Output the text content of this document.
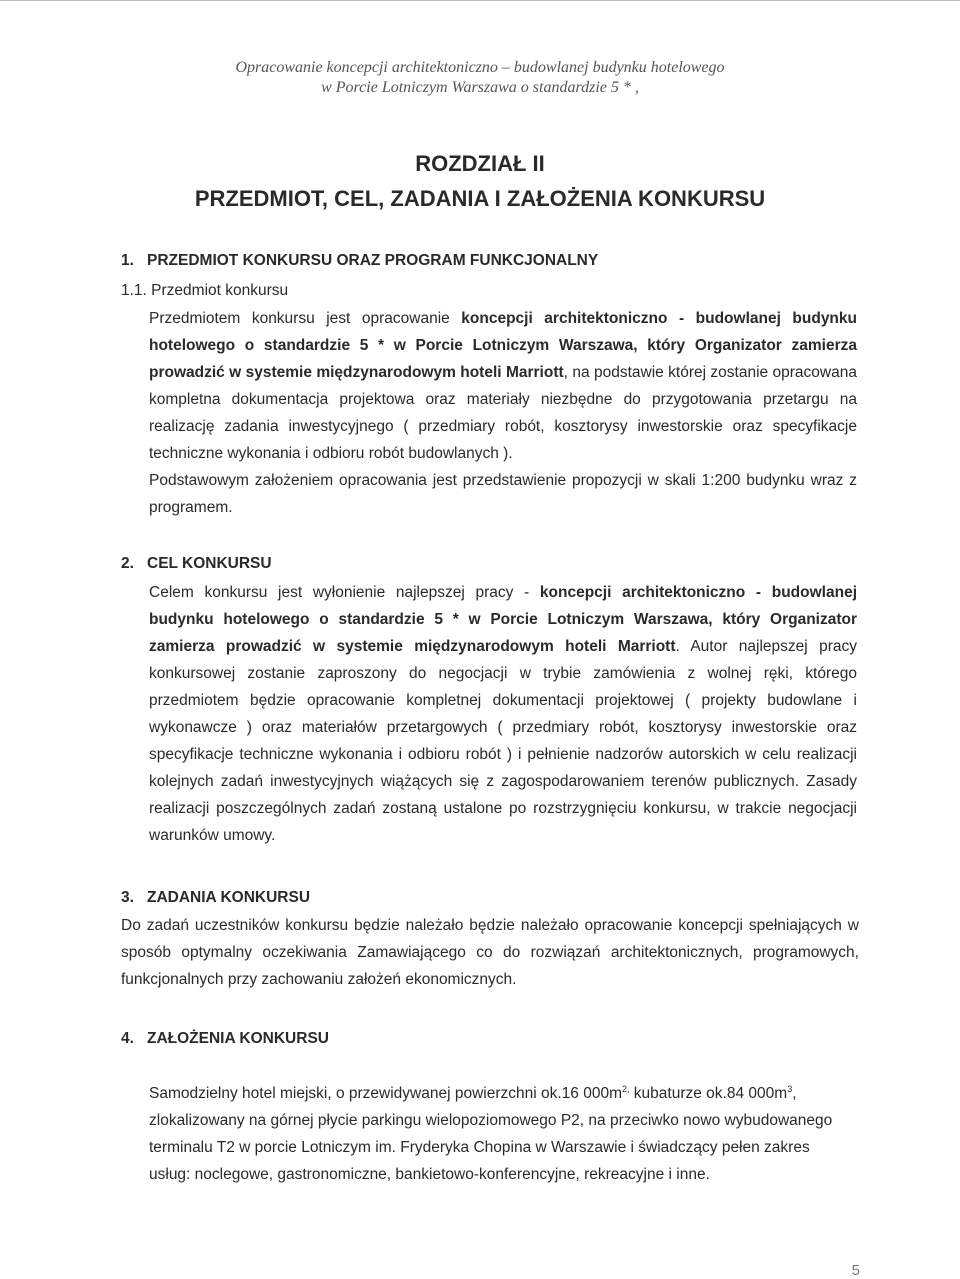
Opracowanie koncepcji architektoniczno – budowlanej budynku hotelowego
w Porcie Lotniczym Warszawa o standardzie 5 * ,
ROZDZIAŁ II
PRZEDMIOT, CEL, ZADANIA I ZAŁOŻENIA KONKURSU
1. PRZEDMIOT KONKURSU ORAZ PROGRAM FUNKCJONALNY
1.1. Przedmiot konkursu

Przedmiotem konkursu jest opracowanie koncepcji architektoniczno - budowlanej budynku hotelowego o standardzie 5 * w Porcie Lotniczym Warszawa, który Organizator zamierza prowadzić w systemie międzynarodowym hoteli Marriott, na podstawie której zostanie opracowana kompletna dokumentacja projektowa oraz materiały niezbędne do przygotowania przetargu na realizację zadania inwestycyjnego ( przedmiary robót, kosztorysy inwestorskie oraz specyfikacje techniczne wykonania i odbioru robót budowlanych ).

Podstawowym założeniem opracowania jest przedstawienie propozycji w skali 1:200 budynku wraz z programem.

2. CEL KONKURSU

Celem konkursu jest wyłonienie najlepszej pracy - koncepcji architektoniczno - budowlanej budynku hotelowego o standardzie 5 * w Porcie Lotniczym Warszawa, który Organizator zamierza prowadzić w systemie międzynarodowym hoteli Marriott. Autor najlepszej pracy konkursowej zostanie zaproszony do negocjacji w trybie zamówienia z wolnej ręki, którego przedmiotem będzie opracowanie kompletnej dokumentacji projektowej ( projekty budowlane i wykonawcze ) oraz materiałów przetargowych ( przedmiary robót, kosztorysy inwestorskie oraz specyfikacje techniczne wykonania i odbioru robót ) i pełnienie nadzorów autorskich w celu realizacji kolejnych zadań inwestycyjnych wiążących się z zagospodarowaniem terenów publicznych. Zasady realizacji poszczególnych zadań zostaną ustalone po rozstrzygnięciu konkursu, w trakcie negocjacji warunków umowy.

3. ZADANIA KONKURSU

Do zadań uczestników konkursu będzie należało będzie należało opracowanie koncepcji spełniających w sposób optymalny oczekiwania Zamawiającego co do rozwiązań architektonicznych, programowych, funkcjonalnych przy zachowaniu założeń ekonomicznych.

4. ZAŁOŻENIA KONKURSU

Samodzielny hotel miejski, o przewidywanej powierzchni ok.16 $000m^{2,}$ kubaturze ok.84 $000m^3$, zlokalizowany na górnej płycie parkingu wielopoziomowego P2, na przeciwko nowo wybudowanego terminalu T2 w porcie Lotniczym im. Fryderyka Chopina w Warszawie i świadczący pełen zakres usług: noclegowe, gastronomiczne, bankietowo-konferencyjne, rekreacyjne i inne.

5
